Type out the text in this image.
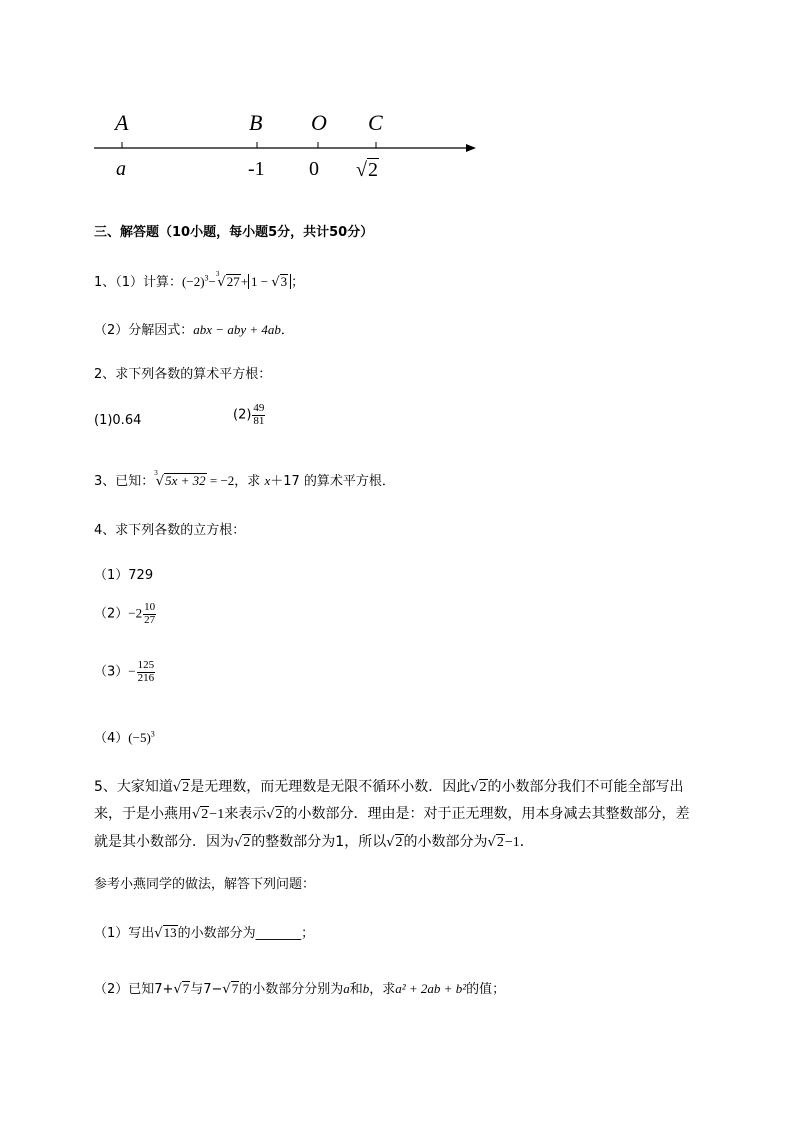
A	B O C
a	-1 0 √2
三、解答题（10小题，每小题5分，共计50分）
1、（1）计算：$(-2)^3-^3√27+ 1 - √3$ ；
（2）分解因式：abx − aby + 4ab．
2、求下列各数的算术平方根：
(1)0.64	$(2) \frac{49}{81}$
3、已知：$^3$√5x + 32 = −2，求 x＋17 的算术平方根．
4、求下列各数的立方根：
（1）729
$(2)-2 \frac{10}{27}$
$(3)- \frac{125}{216}$
$(4)(-5)^3$
5、大家知道√2是无理数，而无理数是无限不循环小数．因此√2的小数部分我们不可能全部写出
来，于是小燕用√2−1来表示√2的小数部分．理由是：对于正无理数，用本身减去其整数部分，差
就是其小数部分．因为√2的整数部分为1，所以√2的小数部分为√2−1．
参考小燕同学的做法，解答下列问题：
（1）写出√13的小数部分为_______；
（2）已知7+√7与7−√7的小数部分分别为a和b，求a² + 2ab + b²的值；
